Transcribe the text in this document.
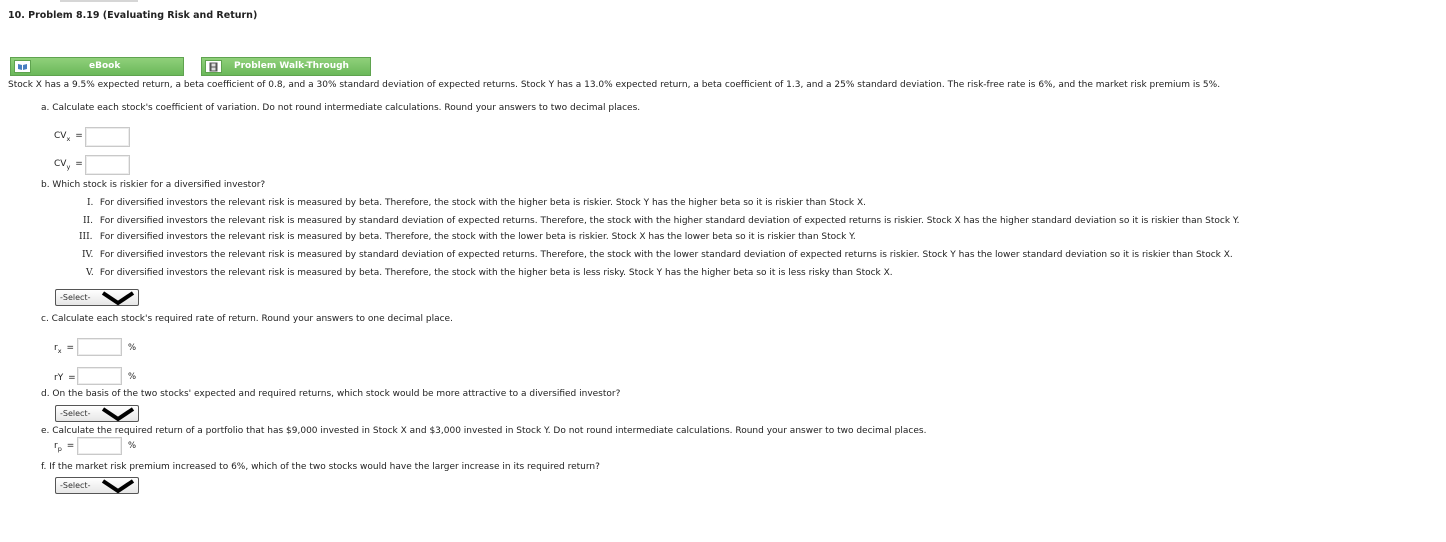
10. Problem 8.19 (Evaluating Risk and Return)
eBook	Problem Walk-Through
Stock X has a 9.5% expected return, a beta coefficient of 0.8, and a 30% standard deviation of expected returns. Stock Y has a 13.0% expected return, a beta coefficient of 1.3, and a 25% standard deviation. The risk-free rate is 6%, and the market risk premium is 5%.
a. Calculate each stock's coefficient of variation. Do not round intermediate calculations. Round your answers to two decimal places.
$CV_x$ =
$CV_y$ =
b. Which stock is riskier for a diversified investor?
I. For diversified investors the relevant risk is measured by beta. Therefore, the stock with the higher beta is riskier. Stock Y has the higher beta so it is riskier than Stock X.
II. For diversified investors the relevant risk is measured by standard deviation of expected returns. Therefore, the stock with the higher standard deviation of expected returns is riskier. Stock X has the higher standard deviation so it is riskier than Stock Y.
III. For diversified investors the relevant risk is measured by beta. Therefore, the stock with the lower beta is riskier. Stock X has the lower beta so it is riskier than Stock Y.
IV. For diversified investors the relevant risk is measured by standard deviation of expected returns. Therefore, the stock with the lower standard deviation of expected returns is riskier. Stock Y has the lower standard deviation so it is riskier than Stock X.
V. For diversified investors the relevant risk is measured by beta. Therefore, the stock with the higher beta is less risky. Stock Y has the higher beta so it is less risky than Stock X.
-Select-
c. Calculate each stock's required rate of return. Round your answers to one decimal place.
$r_x$ =	%
rY =	%
d. On the basis of the two stocks' expected and required returns, which stock would be more attractive to a diversified investor?
-Select-
e. Calculate the required return of a portfolio that has $9,000 invested in Stock X and $3,000 invested in Stock Y. Do not round intermediate calculations. Round your answer to two decimal places.
$r_p$ =	%
f. If the market risk premium increased to 6%, which of the two stocks would have the larger increase in its required return?
-Select-
